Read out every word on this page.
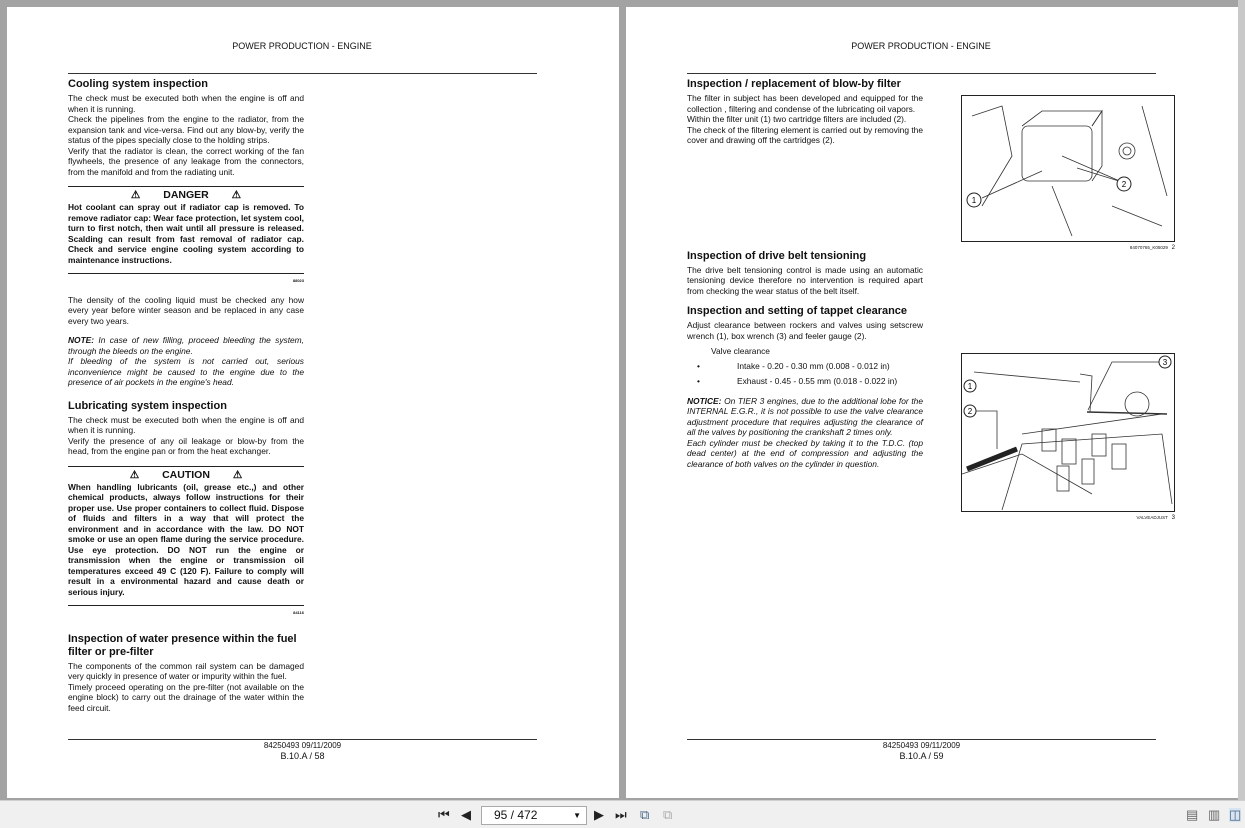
POWER PRODUCTION - ENGINE
Cooling system inspection

The check must be executed both when the engine is off and when it is running.
Check the pipelines from the engine to the radiator, from the expansion tank and vice-versa. Find out any blow-by, verify the status of the pipes specially close to the holding strips.
Verify that the radiator is clean, the correct working of the fan flywheels, the presence of any leakage from the connectors, from the manifold and from the radiating unit.

⚠ DANGER ⚠

Hot coolant can spray out if radiator cap is removed. To remove radiator cap: Wear face protection, let system cool, turn to first notch, then wait until all pressure is released. Scalding can result from fast removal of radiator cap. Check and service engine cooling system according to maintenance instructions.

88023

The density of the cooling liquid must be checked any how every year before winter season and be replaced in any case every two years.

NOTE: In case of new filling, proceed bleeding the system, through the bleeds on the engine.
If bleeding of the system is not carried out, serious inconvenience might be caused to the engine due to the presence of air pockets in the engine's head.

Lubricating system inspection

The check must be executed both when the engine is off and when it is running.
Verify the presence of any oil leakage or blow-by from the head, from the engine pan or from the heat exchanger.

⚠ CAUTION ⚠

When handling lubricants (oil, grease etc.,) and other chemical products, always follow instructions for their proper use. Use proper containers to collect fluid. Dispose of fluids and filters in a way that will protect the environment and in accordance with the law. DO NOT smoke or use an open flame during the service procedure. Use eye protection. DO NOT run the engine or transmission when the engine or transmission oil temperatures exceed 49 C (120 F). Failure to comply will result in a environmental hazard and cause death or serious injury.

84116
Inspection of water presence within the fuel filter or pre-filter

The components of the common rail system can be damaged very quickly in presence of water or impurity within the fuel.
Timely proceed operating on the pre-filter (not available on the engine block) to carry out the drainage of the water within the feed circuit.

84250493 09/11/2009
B.10.A / 58
POWER PRODUCTION - ENGINE
Inspection / replacement of blow-by filter

The filter in subject has been developed and equipped for the collection , filtering and condense of the lubricating oil vapors.
Within the filter unit (1) two cartridge filters are included (2).
The check of the filtering element is carried out by removing the cover and drawing off the cartridges (2).

Inspection of drive belt tensioning

The drive belt tensioning control is made using an automatic tensioning device therefore no intervention is required apart from checking the wear status of the belt itself.

Inspection and setting of tappet clearance

Adjust clearance between rockers and valves using setscrew wrench (1), box wrench (3) and feeler gauge (2).

Valve clearance
•	Intake - 0.20 - 0.30 mm (0.008 - 0.012 in)
•	Exhaust - 0.45 - 0.55 mm (0.018 - 0.022 in)

NOTICE: On TIER 3 engines, due to the additional lobe for the INTERNAL E.G.R., it is not possible to use the valve clearance adjustment procedure that requires adjusting the clearance of all the valves by positioning the crankshaft 2 times only.
Each cylinder must be checked by taking it to the T.D.C. (top dead center) at the end of compression and adjusting the clearance of both valves on the cylinder in question.

1
2
84070765_K05029 2
1
2
3
VALVEADJUST 3
84250493 09/11/2009
B.10.A / 59
⏮ ◀	95 / 472	▼ ▶ ⏭ ⧉ ⧉	▤ ▥ ◫
